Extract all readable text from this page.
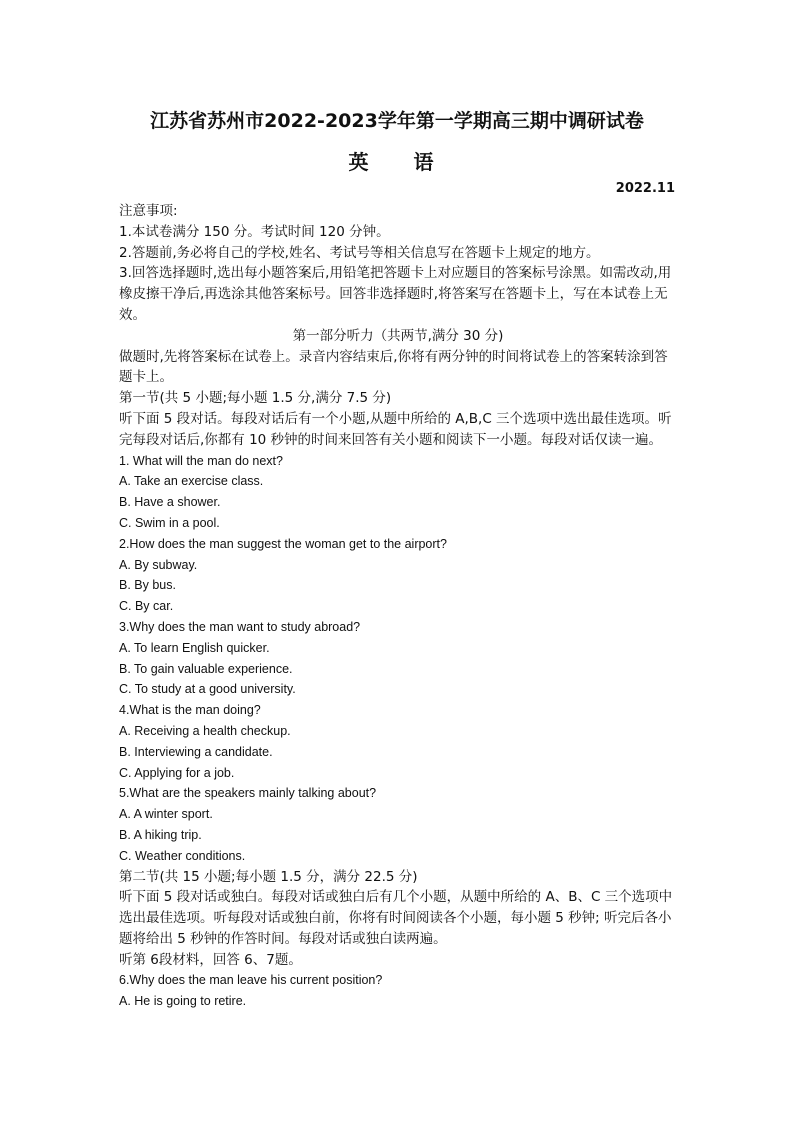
江苏省苏州市2022-2023学年第一学期高三期中调研试卷
英 语
2022.11

注意事项:

1.本试卷满分 150 分。考试时间 120 分钟。

2.答题前,务必将自己的学校,姓名、考试号等相关信息写在答题卡上规定的地方。

3.回答选择题时,选出每小题答案后,用铅笔把答题卡上对应题目的答案标号涂黑。如需改动,用橡皮擦干净后,再选涂其他答案标号。回答非选择题时,将答案写在答题卡上，写在本试卷上无效。

第一部分听力（共两节,满分 30 分)

做题时,先将答案标在试卷上。录音内容结束后,你将有两分钟的时间将试卷上的答案转涂到答题卡上。

第一节(共 5 小题;每小题 1.5 分,满分 7.5 分)

听下面 5 段对话。每段对话后有一个小题,从题中所给的 A,B,C 三个选项中选出最佳选项。听完每段对话后,你都有 10 秒钟的时间来回答有关小题和阅读下一小题。每段对话仅读一遍。

1. What will the man do next?

A. Take an exercise class.

B. Have a shower.

C. Swim in a pool.

2.How does the man suggest the woman get to the airport?

A. By subway.

B. By bus.

C. By car.

3.Why does the man want to study abroad?

A. To learn English quicker.

B. To gain valuable experience.

C. To study at a good university.

4.What is the man doing?

A. Receiving a health checkup.

B. Interviewing a candidate.

C. Applying for a job.

5.What are the speakers mainly talking about?

A. A winter sport.

B. A hiking trip.

C. Weather conditions.

第二节(共 15 小题;每小题 1.5 分，满分 22.5 分)

听下面 5 段对话或独白。每段对话或独白后有几个小题，从题中所给的 A、B、C 三个选项中选出最佳选项。听每段对话或独白前，你将有时间阅读各个小题，每小题 5 秒钟; 听完后各小题将给出 5 秒钟的作答时间。每段对话或独白读两遍。

听第 6段材料，回答 6、7题。

6.Why does the man leave his current position?

A. He is going to retire.
